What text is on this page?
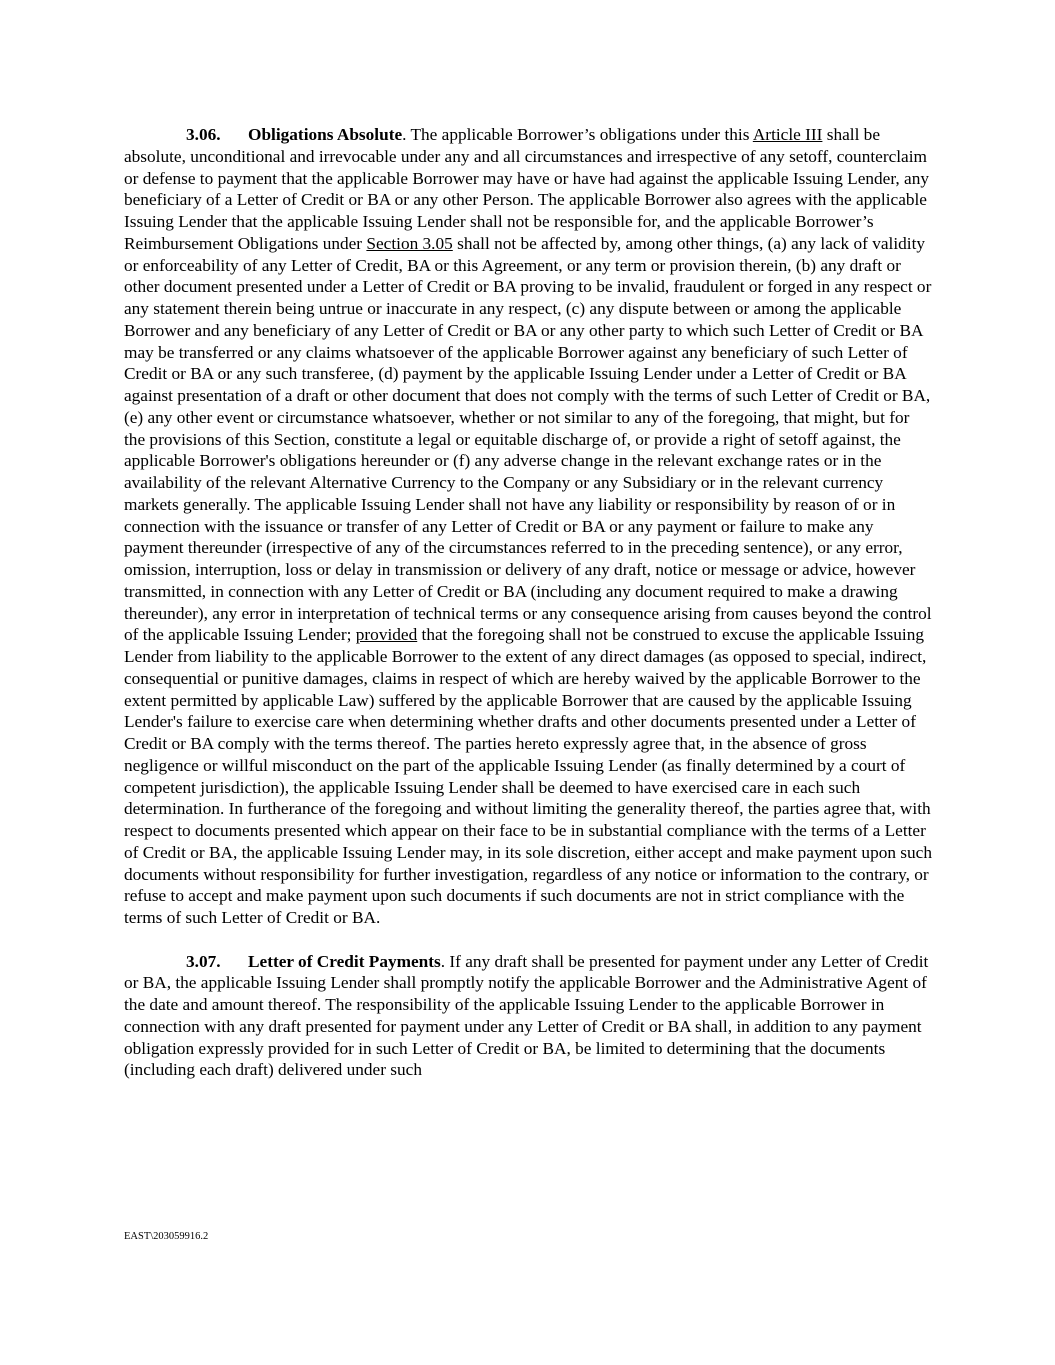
3.06. Obligations Absolute. The applicable Borrower’s obligations under this Article III shall be absolute, unconditional and irrevocable under any and all circumstances and irrespective of any setoff, counterclaim or defense to payment that the applicable Borrower may have or have had against the applicable Issuing Lender, any beneficiary of a Letter of Credit or BA or any other Person. The applicable Borrower also agrees with the applicable Issuing Lender that the applicable Issuing Lender shall not be responsible for, and the applicable Borrower’s Reimbursement Obligations under Section 3.05 shall not be affected by, among other things, (a) any lack of validity or enforceability of any Letter of Credit, BA or this Agreement, or any term or provision therein, (b) any draft or other document presented under a Letter of Credit or BA proving to be invalid, fraudulent or forged in any respect or any statement therein being untrue or inaccurate in any respect, (c) any dispute between or among the applicable Borrower and any beneficiary of any Letter of Credit or BA or any other party to which such Letter of Credit or BA may be transferred or any claims whatsoever of the applicable Borrower against any beneficiary of such Letter of Credit or BA or any such transferee, (d) payment by the applicable Issuing Lender under a Letter of Credit or BA against presentation of a draft or other document that does not comply with the terms of such Letter of Credit or BA, (e) any other event or circumstance whatsoever, whether or not similar to any of the foregoing, that might, but for the provisions of this Section, constitute a legal or equitable discharge of, or provide a right of setoff against, the applicable Borrower's obligations hereunder or (f) any adverse change in the relevant exchange rates or in the availability of the relevant Alternative Currency to the Company or any Subsidiary or in the relevant currency markets generally. The applicable Issuing Lender shall not have any liability or responsibility by reason of or in connection with the issuance or transfer of any Letter of Credit or BA or any payment or failure to make any payment thereunder (irrespective of any of the circumstances referred to in the preceding sentence), or any error, omission, interruption, loss or delay in transmission or delivery of any draft, notice or message or advice, however transmitted, in connection with any Letter of Credit or BA (including any document required to make a drawing thereunder), any error in interpretation of technical terms or any consequence arising from causes beyond the control of the applicable Issuing Lender; provided that the foregoing shall not be construed to excuse the applicable Issuing Lender from liability to the applicable Borrower to the extent of any direct damages (as opposed to special, indirect, consequential or punitive damages, claims in respect of which are hereby waived by the applicable Borrower to the extent permitted by applicable Law) suffered by the applicable Borrower that are caused by the applicable Issuing Lender's failure to exercise care when determining whether drafts and other documents presented under a Letter of Credit or BA comply with the terms thereof. The parties hereto expressly agree that, in the absence of gross negligence or willful misconduct on the part of the applicable Issuing Lender (as finally determined by a court of competent jurisdiction), the applicable Issuing Lender shall be deemed to have exercised care in each such determination. In furtherance of the foregoing and without limiting the generality thereof, the parties agree that, with respect to documents presented which appear on their face to be in substantial compliance with the terms of a Letter of Credit or BA, the applicable Issuing Lender may, in its sole discretion, either accept and make payment upon such documents without responsibility for further investigation, regardless of any notice or information to the contrary, or refuse to accept and make payment upon such documents if such documents are not in strict compliance with the terms of such Letter of Credit or BA.

3.07. Letter of Credit Payments. If any draft shall be presented for payment under any Letter of Credit or BA, the applicable Issuing Lender shall promptly notify the applicable Borrower and the Administrative Agent of the date and amount thereof. The responsibility of the applicable Issuing Lender to the applicable Borrower in connection with any draft presented for payment under any Letter of Credit or BA shall, in addition to any payment obligation expressly provided for in such Letter of Credit or BA, be limited to determining that the documents (including each draft) delivered under such

EAST\203059916.2
